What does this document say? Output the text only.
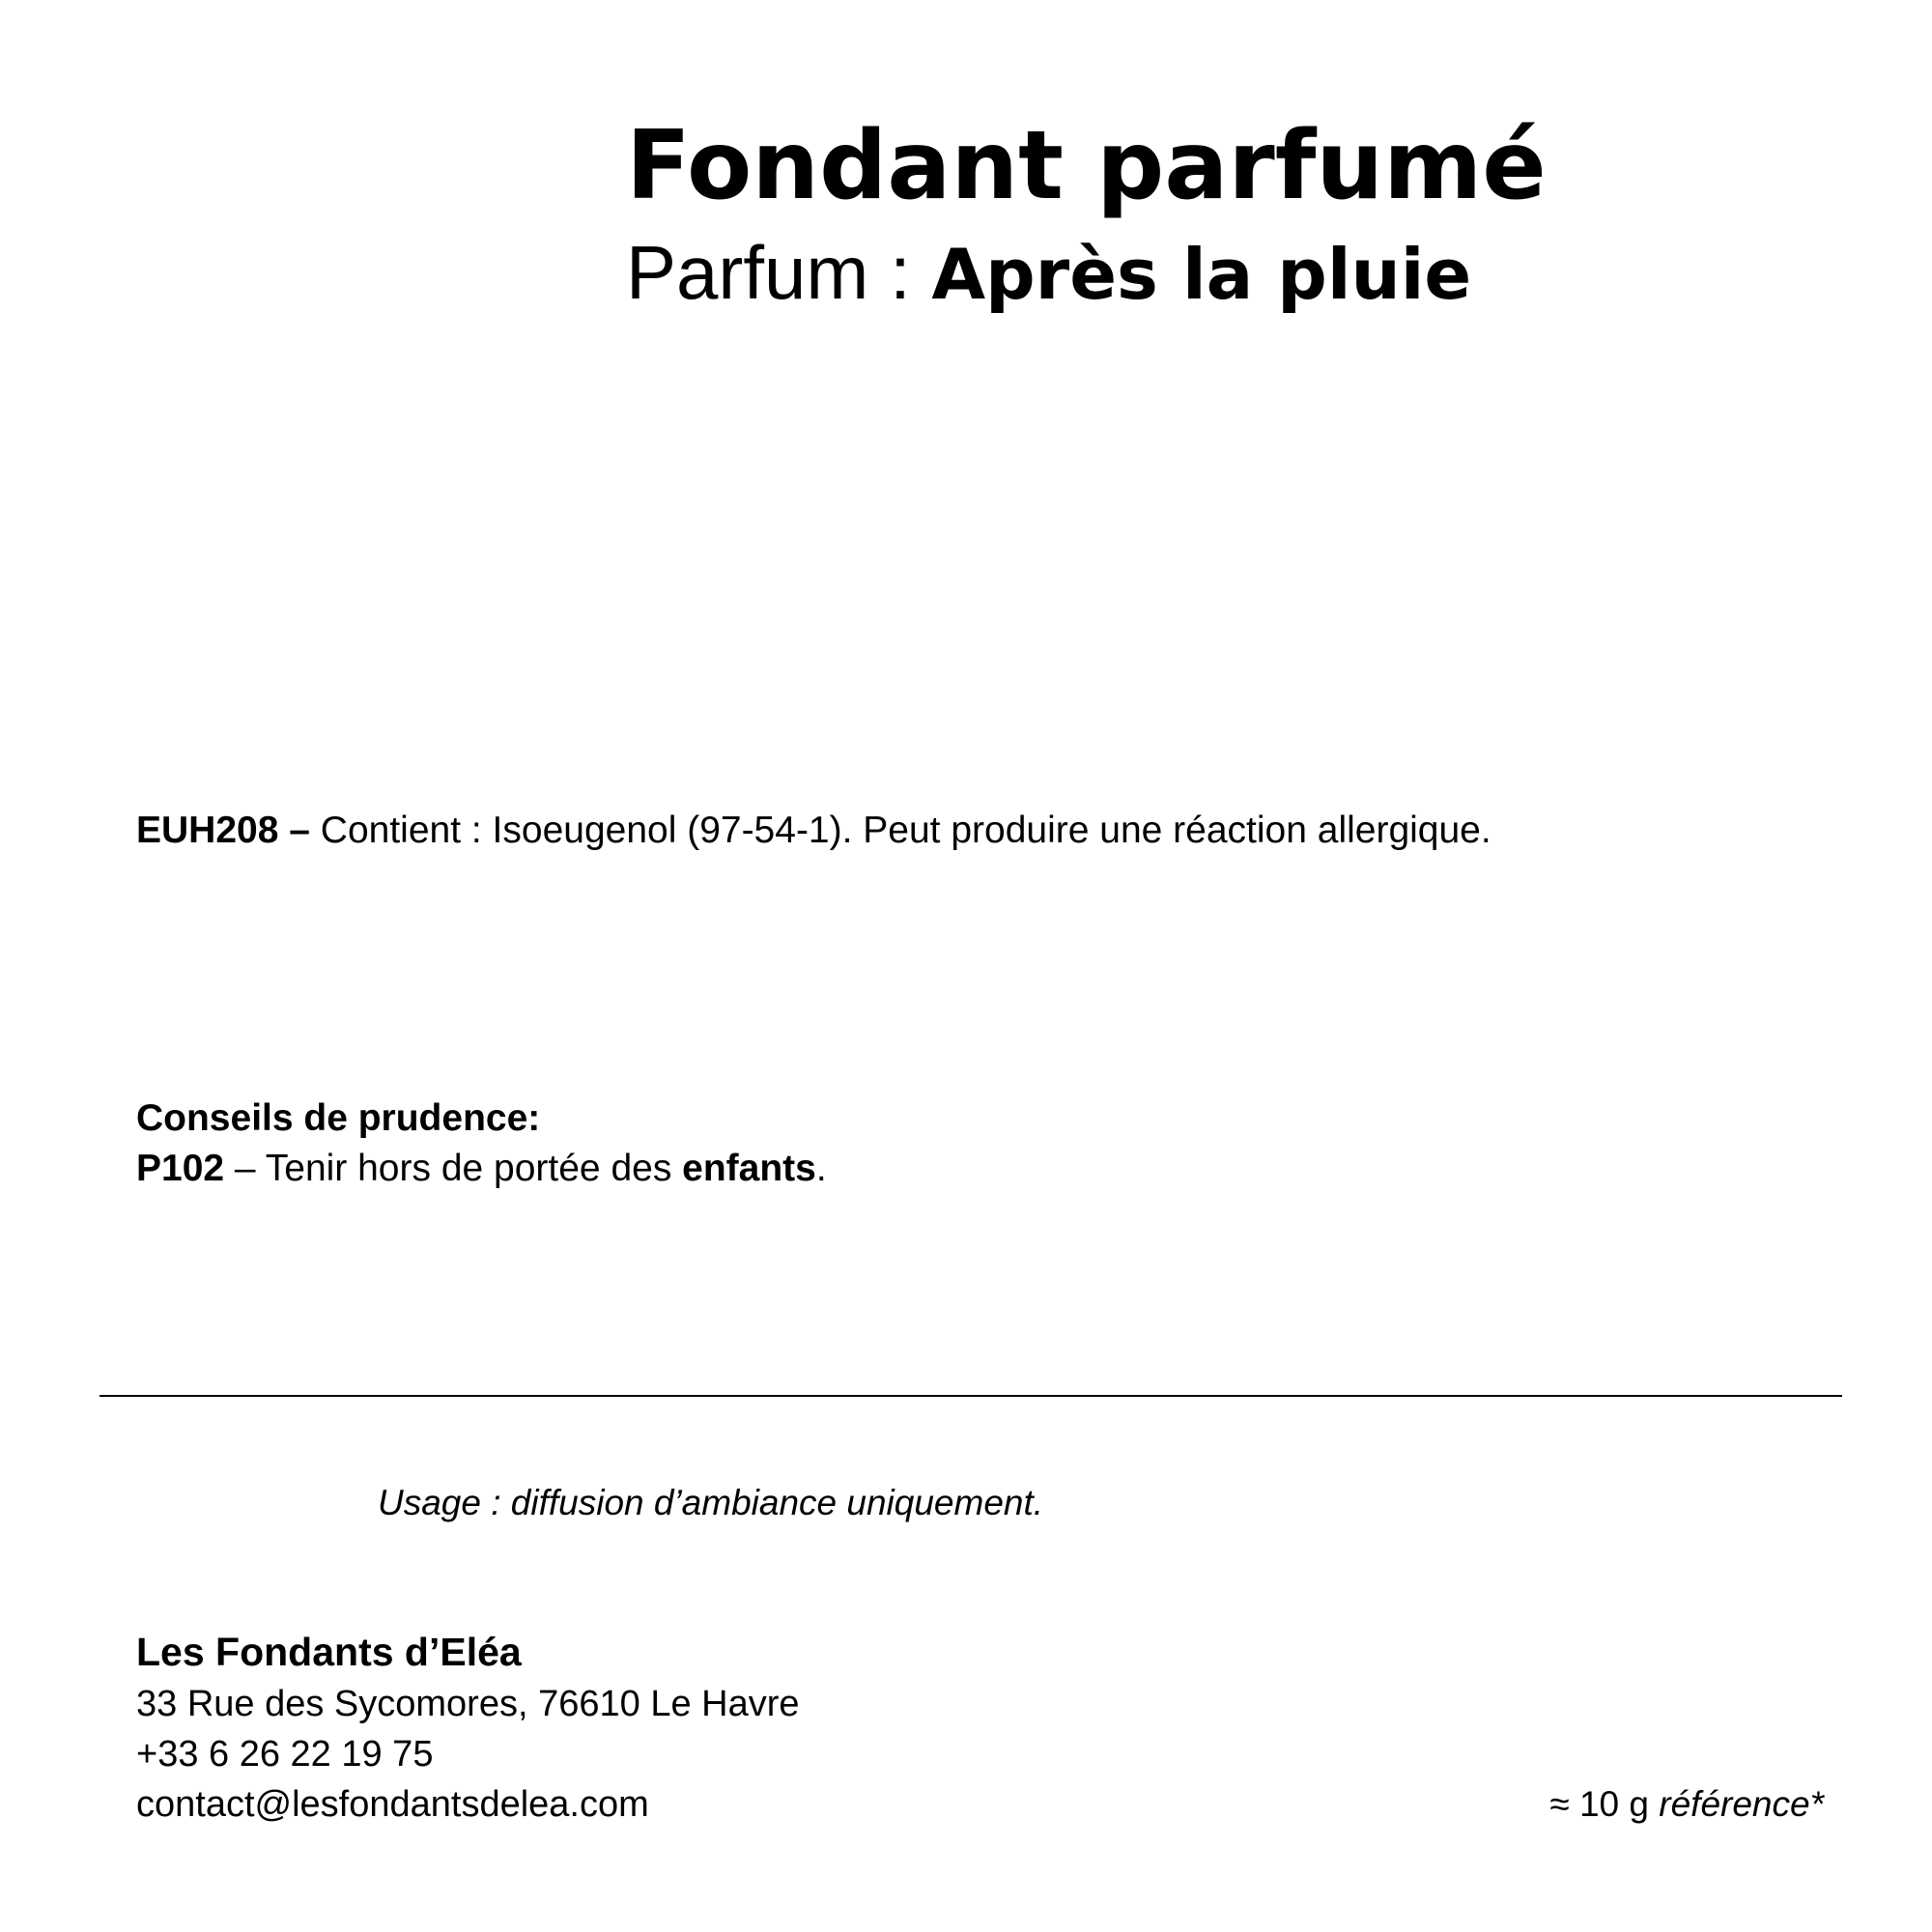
Fondant parfumé

Parfum : Après la pluie

EUH208 – Contient : Isoeugenol (97-54-1). Peut produire une réaction allergique.
Conseils de prudence:
P102 – Tenir hors de portée des enfants.
Usage : diffusion d’ambiance uniquement.
Les Fondants d’Eléa
33 Rue des Sycomores, 76610 Le Havre
+33 6 26 22 19 75
contact@lesfondantsdelea.com	≈ 10 g référence*
